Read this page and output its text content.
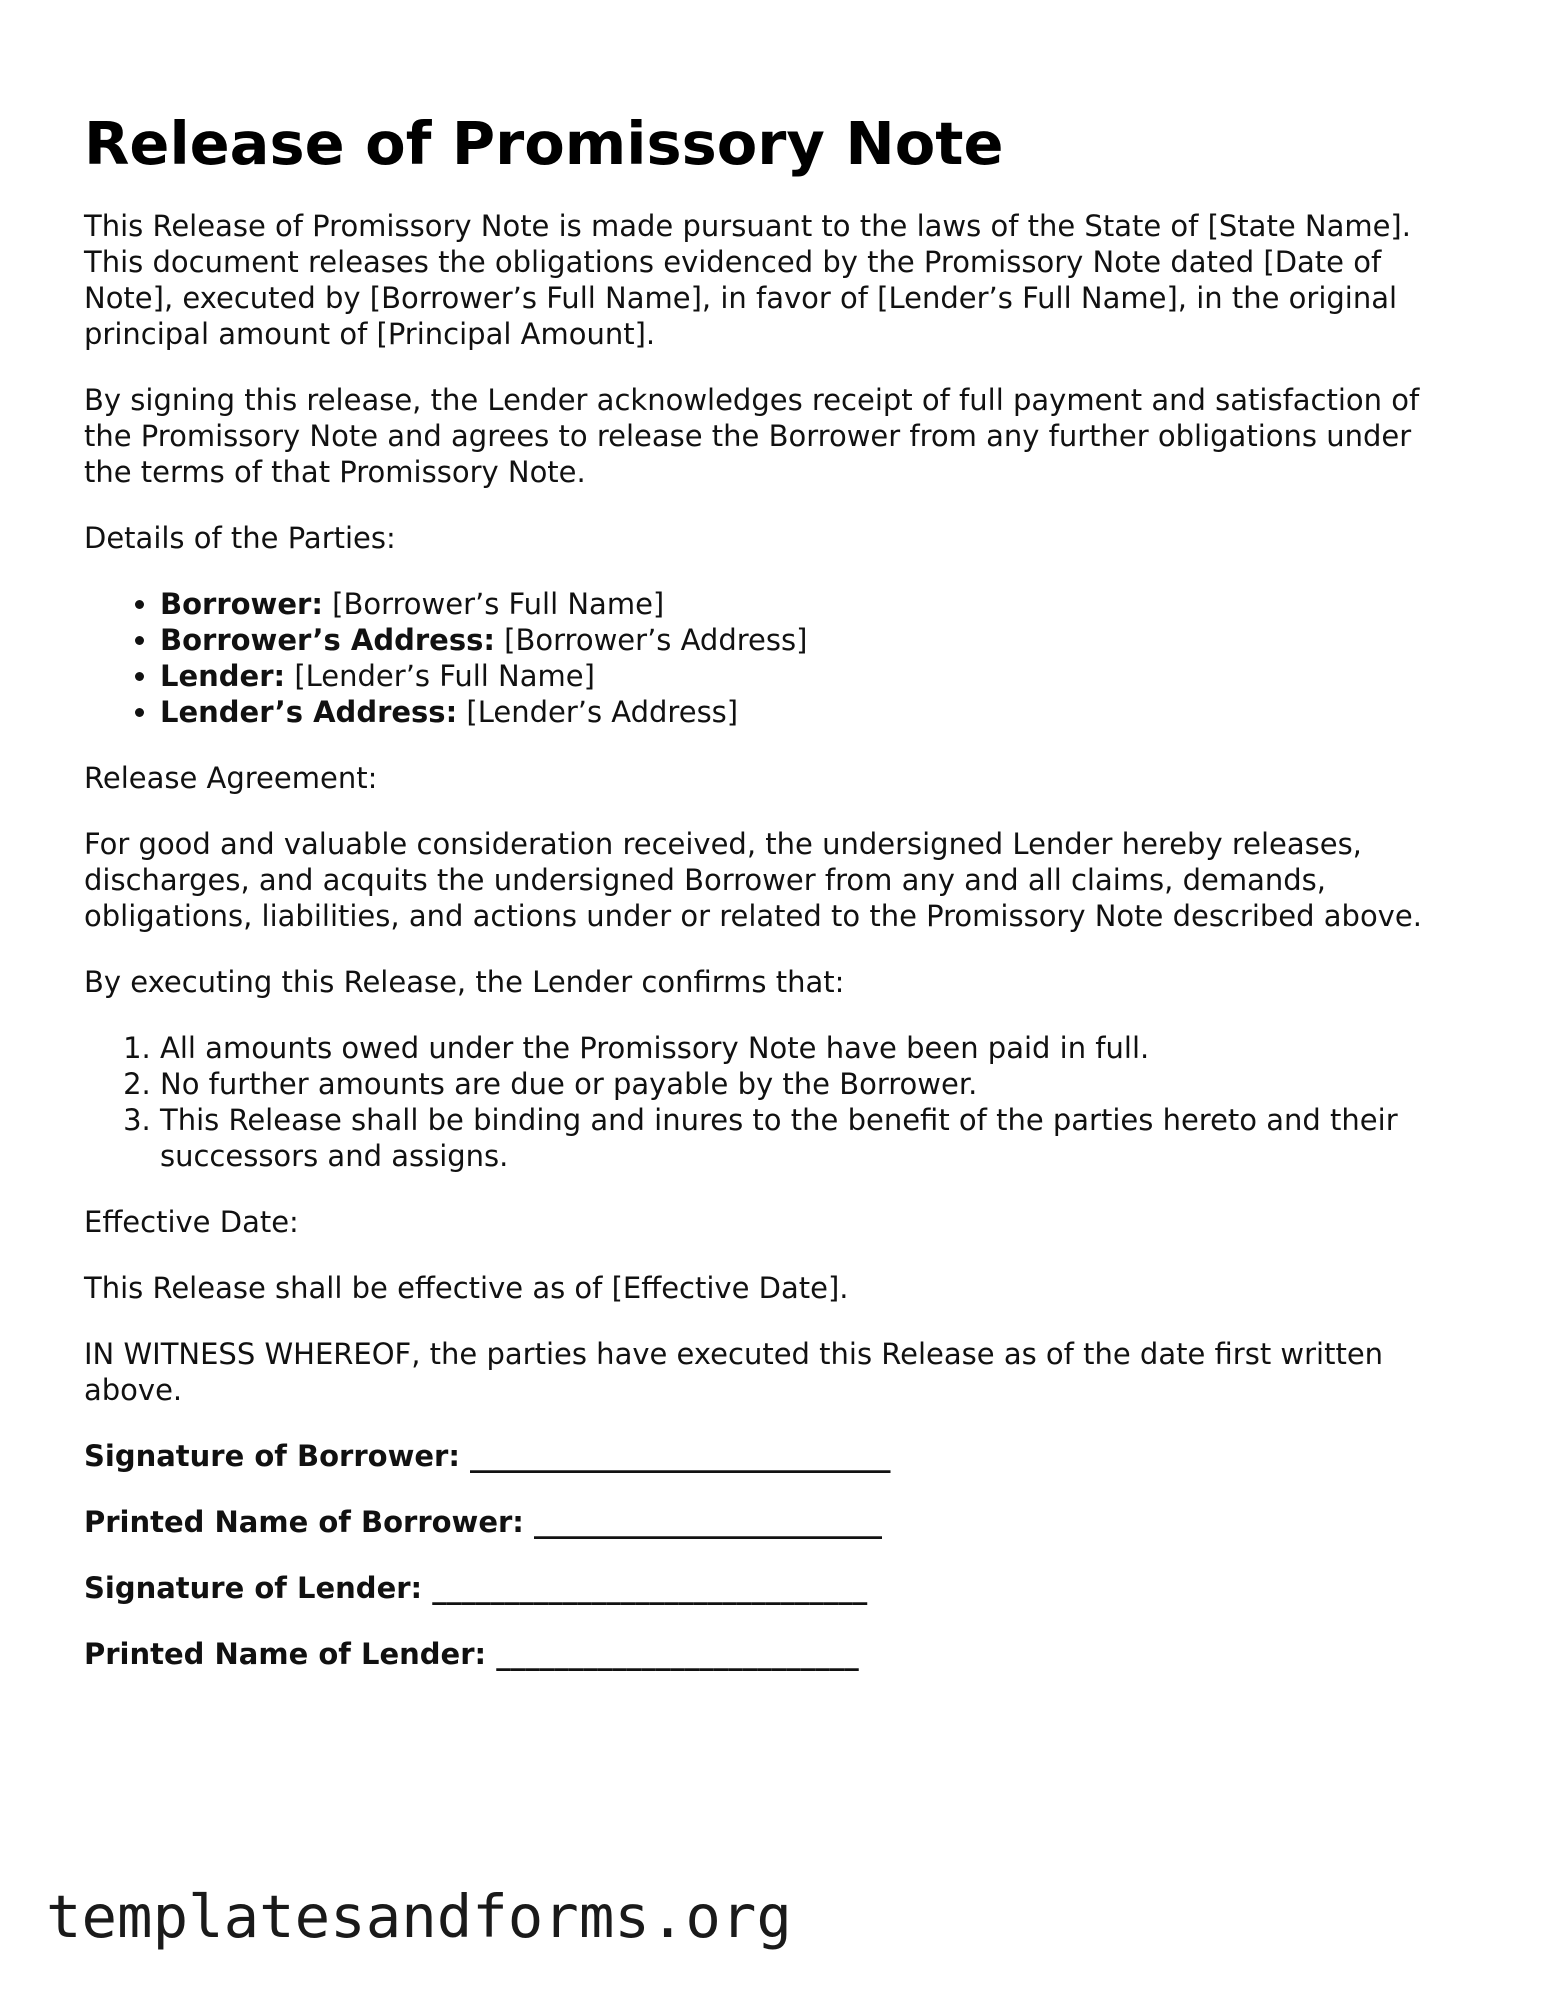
Release of Promissory Note

This Release of Promissory Note is made pursuant to the laws of the State of [State Name]. This document releases the obligations evidenced by the Promissory Note dated [Date of Note], executed by [Borrower’s Full Name], in favor of [Lender’s Full Name], in the original principal amount of [Principal Amount].

By signing this release, the Lender acknowledges receipt of full payment and satisfaction of the Promissory Note and agrees to release the Borrower from any further obligations under the terms of that Promissory Note.

Details of the Parties:

• Borrower: [Borrower’s Full Name]
• Borrower’s Address: [Borrower’s Address]
• Lender: [Lender’s Full Name]
• Lender’s Address: [Lender’s Address]

Release Agreement:

For good and valuable consideration received, the undersigned Lender hereby releases, discharges, and acquits the undersigned Borrower from any and all claims, demands, obligations, liabilities, and actions under or related to the Promissory Note described above.

By executing this Release, the Lender confirms that:

1. All amounts owed under the Promissory Note have been paid in full.
2. No further amounts are due or payable by the Borrower.
3. This Release shall be binding and inures to the benefit of the parties hereto and their successors and assigns.

Effective Date:

This Release shall be effective as of [Effective Date].

IN WITNESS WHEREOF, the parties have executed this Release as of the date first written above.

Signature of Borrower: _____________________________
Printed Name of Borrower: ________________________
Signature of Lender: ______________________________
Printed Name of Lender: _________________________
templatesandforms.org
